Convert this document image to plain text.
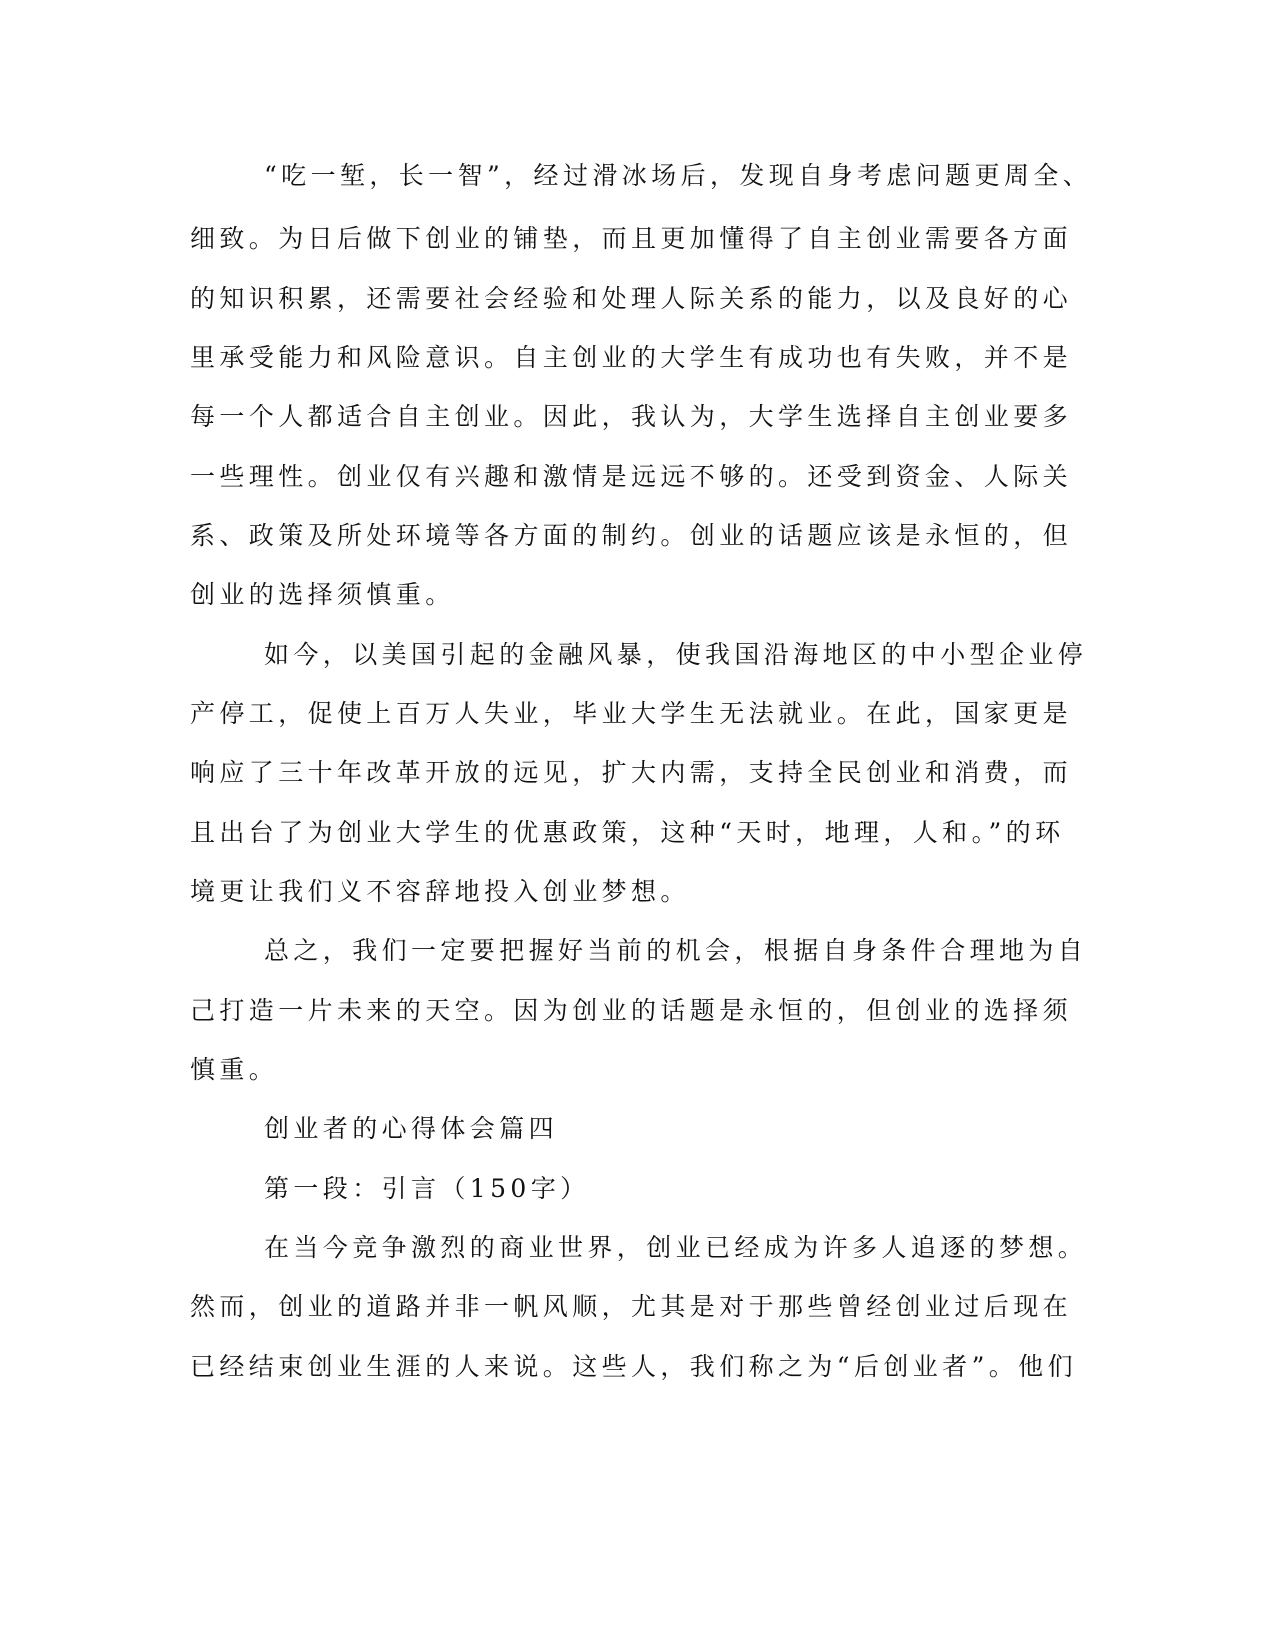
“吃一堑，长一智”，经过滑冰场后，发现自身考虑问题更周全、

细致。为日后做下创业的铺垫，而且更加懂得了自主创业需要各方面

的知识积累，还需要社会经验和处理人际关系的能力，以及良好的心

里承受能力和风险意识。自主创业的大学生有成功也有失败，并不是

每一个人都适合自主创业。因此，我认为，大学生选择自主创业要多

一些理性。创业仅有兴趣和激情是远远不够的。还受到资金、人际关

系、政策及所处环境等各方面的制约。创业的话题应该是永恒的，但

创业的选择须慎重。

如今，以美国引起的金融风暴，使我国沿海地区的中小型企业停

产停工，促使上百万人失业，毕业大学生无法就业。在此，国家更是

响应了三十年改革开放的远见，扩大内需，支持全民创业和消费，而

且出台了为创业大学生的优惠政策，这种“天时，地理，人和。”的环

境更让我们义不容辞地投入创业梦想。

总之，我们一定要把握好当前的机会，根据自身条件合理地为自

己打造一片未来的天空。因为创业的话题是永恒的，但创业的选择须

慎重。

创业者的心得体会篇四

第一段：引言（150字）

在当今竞争激烈的商业世界，创业已经成为许多人追逐的梦想。

然而，创业的道路并非一帆风顺，尤其是对于那些曾经创业过后现在

已经结束创业生涯的人来说。这些人，我们称之为“后创业者”。他们
